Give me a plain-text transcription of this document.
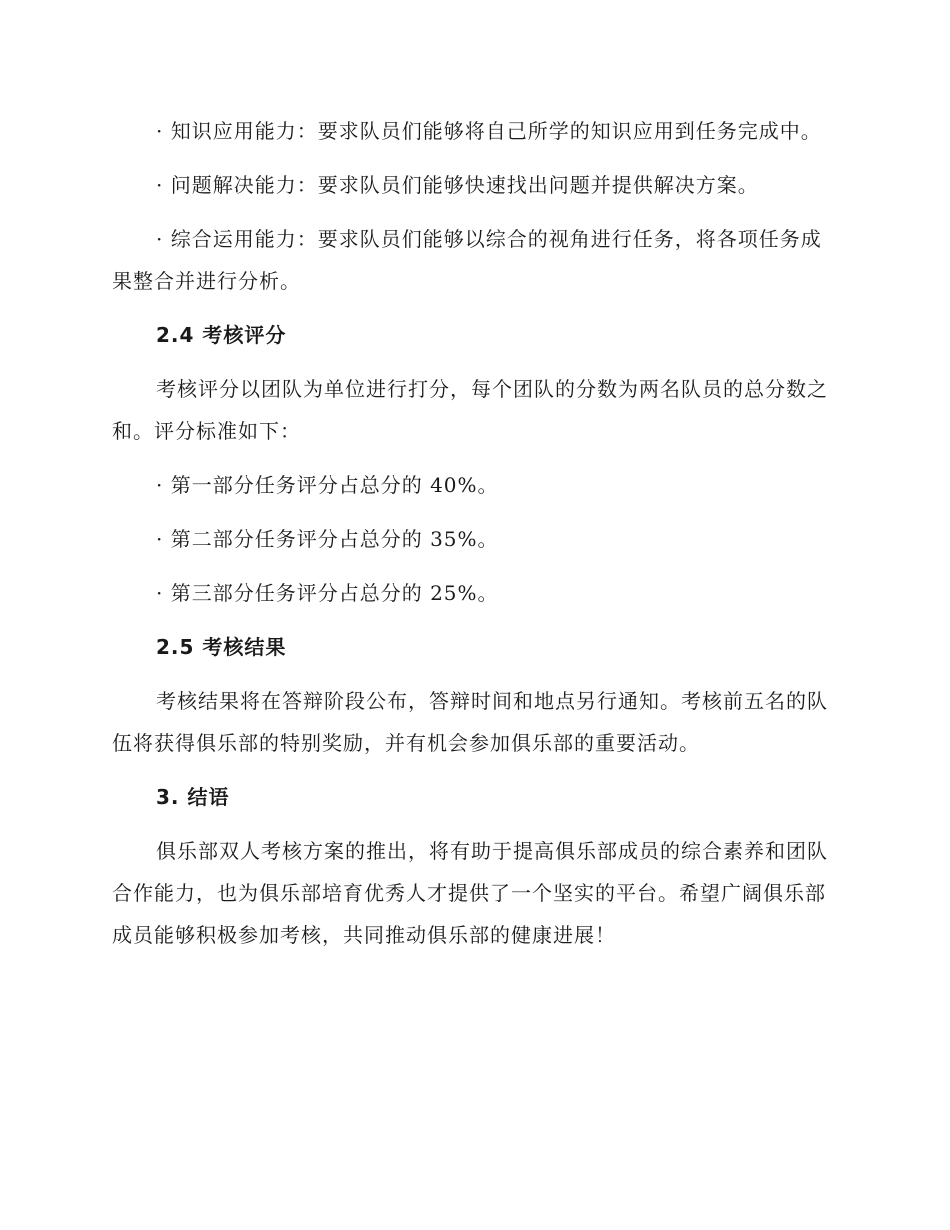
· 知识应用能力：要求队员们能够将自己所学的知识应用到任务完成中。

· 问题解决能力：要求队员们能够快速找出问题并提供解决方案。

· 综合运用能力：要求队员们能够以综合的视角进行任务，将各项任务成果整合并进行分析。

2.4 考核评分

考核评分以团队为单位进行打分，每个团队的分数为两名队员的总分数之和。评分标准如下：

· 第一部分任务评分占总分的 40%。

· 第二部分任务评分占总分的 35%。

· 第三部分任务评分占总分的 25%。

2.5 考核结果

考核结果将在答辩阶段公布，答辩时间和地点另行通知。考核前五名的队伍将获得俱乐部的特别奖励，并有机会参加俱乐部的重要活动。

3. 结语

俱乐部双人考核方案的推出，将有助于提高俱乐部成员的综合素养和团队合作能力，也为俱乐部培育优秀人才提供了一个坚实的平台。希望广阔俱乐部成员能够积极参加考核，共同推动俱乐部的健康进展！
